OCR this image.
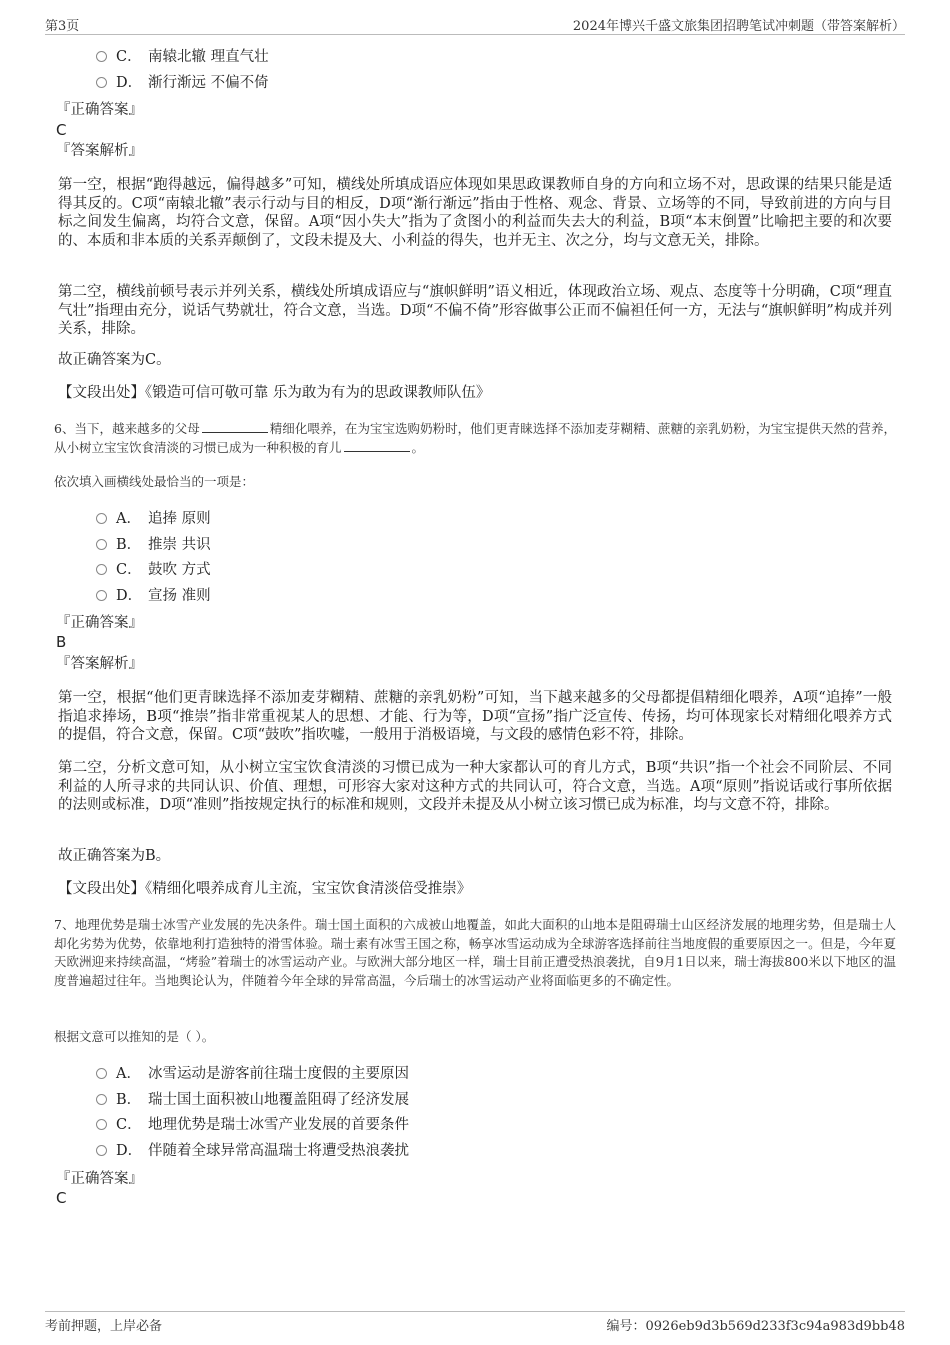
第3页	2024年博兴千盛文旅集团招聘笔试冲刺题（带答案解析）
C． 南辕北辙 理直气壮
D． 渐行渐远 不偏不倚
『正确答案』
C
『答案解析』
第一空，根据“跑得越远，偏得越多”可知，横线处所填成语应体现如果思政课教师自身的方向和立场不对，思政课的结果只能是适得其反的。C项“南辕北辙”表示行动与目的相反，D项“渐行渐远”指由于性格、观念、背景、立场等的不同，导致前进的方向与目标之间发生偏离，均符合文意，保留。A项“因小失大”指为了贪图小的利益而失去大的利益，B项“本末倒置”比喻把主要的和次要的、本质和非本质的关系弄颠倒了，文段未提及大、小利益的得失，也并无主、次之分，均与文意无关，排除。
第二空，横线前顿号表示并列关系，横线处所填成语应与“旗帜鲜明”语义相近，体现政治立场、观点、态度等十分明确，C项“理直气壮”指理由充分，说话气势就壮，符合文意，当选。D项“不偏不倚”形容做事公正而不偏袒任何一方，无法与“旗帜鲜明”构成并列关系，排除。
故正确答案为C。
【文段出处】《锻造可信可敬可靠 乐为敢为有为的思政课教师队伍》
6、当下，越来越多的父母	精细化喂养，在为宝宝选购奶粉时，他们更青睐选择不添加麦芽糊精、蔗糖的亲乳奶粉，为宝宝提供天然的营养，从小树立宝宝饮食清淡的习惯已成为一种积极的育儿	。
依次填入画横线处最恰当的一项是：
A． 追捧 原则
B． 推崇 共识
C． 鼓吹 方式
D． 宣扬 准则
『正确答案』
B
『答案解析』
第一空，根据“他们更青睐选择不添加麦芽糊精、蔗糖的亲乳奶粉”可知，当下越来越多的父母都提倡精细化喂养，A项“追捧”一般指追求捧场，B项“推崇”指非常重视某人的思想、才能、行为等，D项“宣扬”指广泛宣传、传扬，均可体现家长对精细化喂养方式的提倡，符合文意，保留。C项“鼓吹”指吹嘘，一般用于消极语境，与文段的感情色彩不符，排除。
第二空，分析文意可知，从小树立宝宝饮食清淡的习惯已成为一种大家都认可的育儿方式，B项“共识”指一个社会不同阶层、不同利益的人所寻求的共同认识、价值、理想，可形容大家对这种方式的共同认可，符合文意，当选。A项“原则”指说话或行事所依据的法则或标准，D项“准则”指按规定执行的标准和规则，文段并未提及从小树立该习惯已成为标准，均与文意不符，排除。
故正确答案为B。
【文段出处】《精细化喂养成育儿主流，宝宝饮食清淡倍受推崇》
7、地理优势是瑞士冰雪产业发展的先决条件。瑞士国土面积的六成被山地覆盖，如此大面积的山地本是阻碍瑞士山区经济发展的地理劣势，但是瑞士人却化劣势为优势，依靠地利打造独特的滑雪体验。瑞士素有冰雪王国之称，畅享冰雪运动成为全球游客选择前往当地度假的重要原因之一。但是，今年夏天欧洲迎来持续高温，“烤验”着瑞士的冰雪运动产业。与欧洲大部分地区一样，瑞士目前正遭受热浪袭扰，自9月1日以来，瑞士海拔800米以下地区的温度普遍超过往年。当地舆论认为，伴随着今年全球的异常高温，今后瑞士的冰雪运动产业将面临更多的不确定性。
根据文意可以推知的是（ ）。
A． 冰雪运动是游客前往瑞士度假的主要原因
B． 瑞士国土面积被山地覆盖阻碍了经济发展
C． 地理优势是瑞士冰雪产业发展的首要条件
D． 伴随着全球异常高温瑞士将遭受热浪袭扰
『正确答案』
C
考前押题，上岸必备	编号：0926eb9d3b569d233f3c94a983d9bb48
